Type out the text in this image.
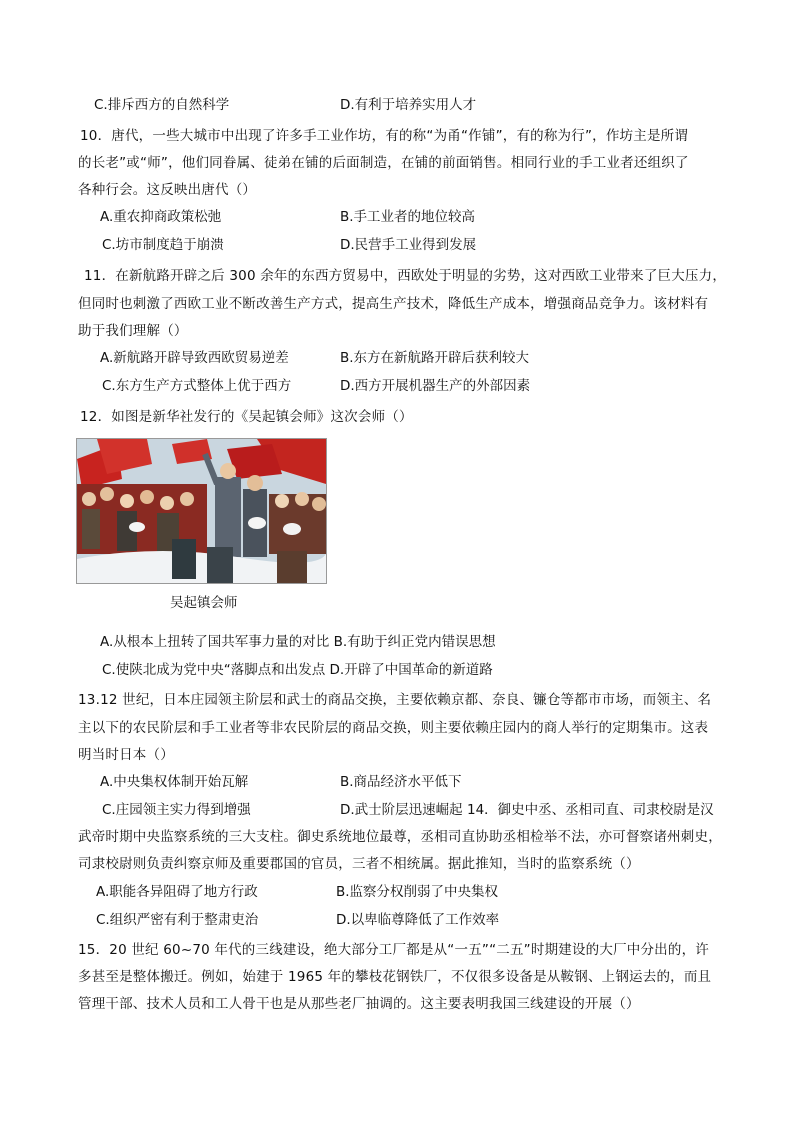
C.排斥西方的自然科学	D.有利于培养实用人才
10．唐代，一些大城市中出现了许多手工业作坊，有的称“为甬“作铺”，有的称为行”，作坊主是所谓
的长老”或“师”，他们同眷属、徒弟在铺的后面制造，在铺的前面销售。相同行业的手工业者还组织了
各种行会。这反映出唐代（）
A.重农抑商政策松弛	B.手工业者的地位较高
C.坊市制度趋于崩溃	D.民营手工业得到发展
11．在新航路开辟之后 300 余年的东西方贸易中，西欧处于明显的劣势，这对西欧工业带来了巨大压力，
但同时也刺激了西欧工业不断改善生产方式，提高生产技术，降低生产成本，增强商品竞争力。该材料有
助于我们理解（）
A.新航路开辟导致西欧贸易逆差	B.东方在新航路开辟后获利较大
C.东方生产方式整体上优于西方	D.西方开展机器生产的外部因素
12．如图是新华社发行的《吴起镇会师》这次会师（）
吴起镇会师
A.从根本上扭转了国共军事力量的对比 B.有助于纠正党内错误思想
C.使陕北成为党中央“落脚点和出发点 D.开辟了中国革命的新道路
13.12 世纪，日本庄园领主阶层和武士的商品交换，主要依赖京都、奈良、镰仓等都市市场，而领主、名
主以下的农民阶层和手工业者等非农民阶层的商品交换，则主要依赖庄园内的商人举行的定期集市。这表
明当时日本（）
A.中央集权体制开始瓦解	B.商品经济水平低下
C.庄园领主实力得到增强	D.武士阶层迅速崛起 14．御史中丞、丞相司直、司隶校尉是汉
武帝时期中央监察系统的三大支柱。御史系统地位最尊，丞相司直协助丞相检举不法，亦可督察诸州刺史，
司隶校尉则负责纠察京师及重要郡国的官员，三者不相统属。据此推知，当时的监察系统（）
A.职能各异阻碍了地方行政	B.监察分权削弱了中央集权
C.组织严密有利于整肃吏治	D.以卑临尊降低了工作效率
15．20 世纪 60~70 年代的三线建设，绝大部分工厂都是从“一五”“二五”时期建设的大厂中分出的，许
多甚至是整体搬迁。例如，始建于 1965 年的攀枝花钢铁厂，不仅很多设备是从鞍钢、上钢运去的，而且
管理干部、技术人员和工人骨干也是从那些老厂抽调的。这主要表明我国三线建设的开展（）
